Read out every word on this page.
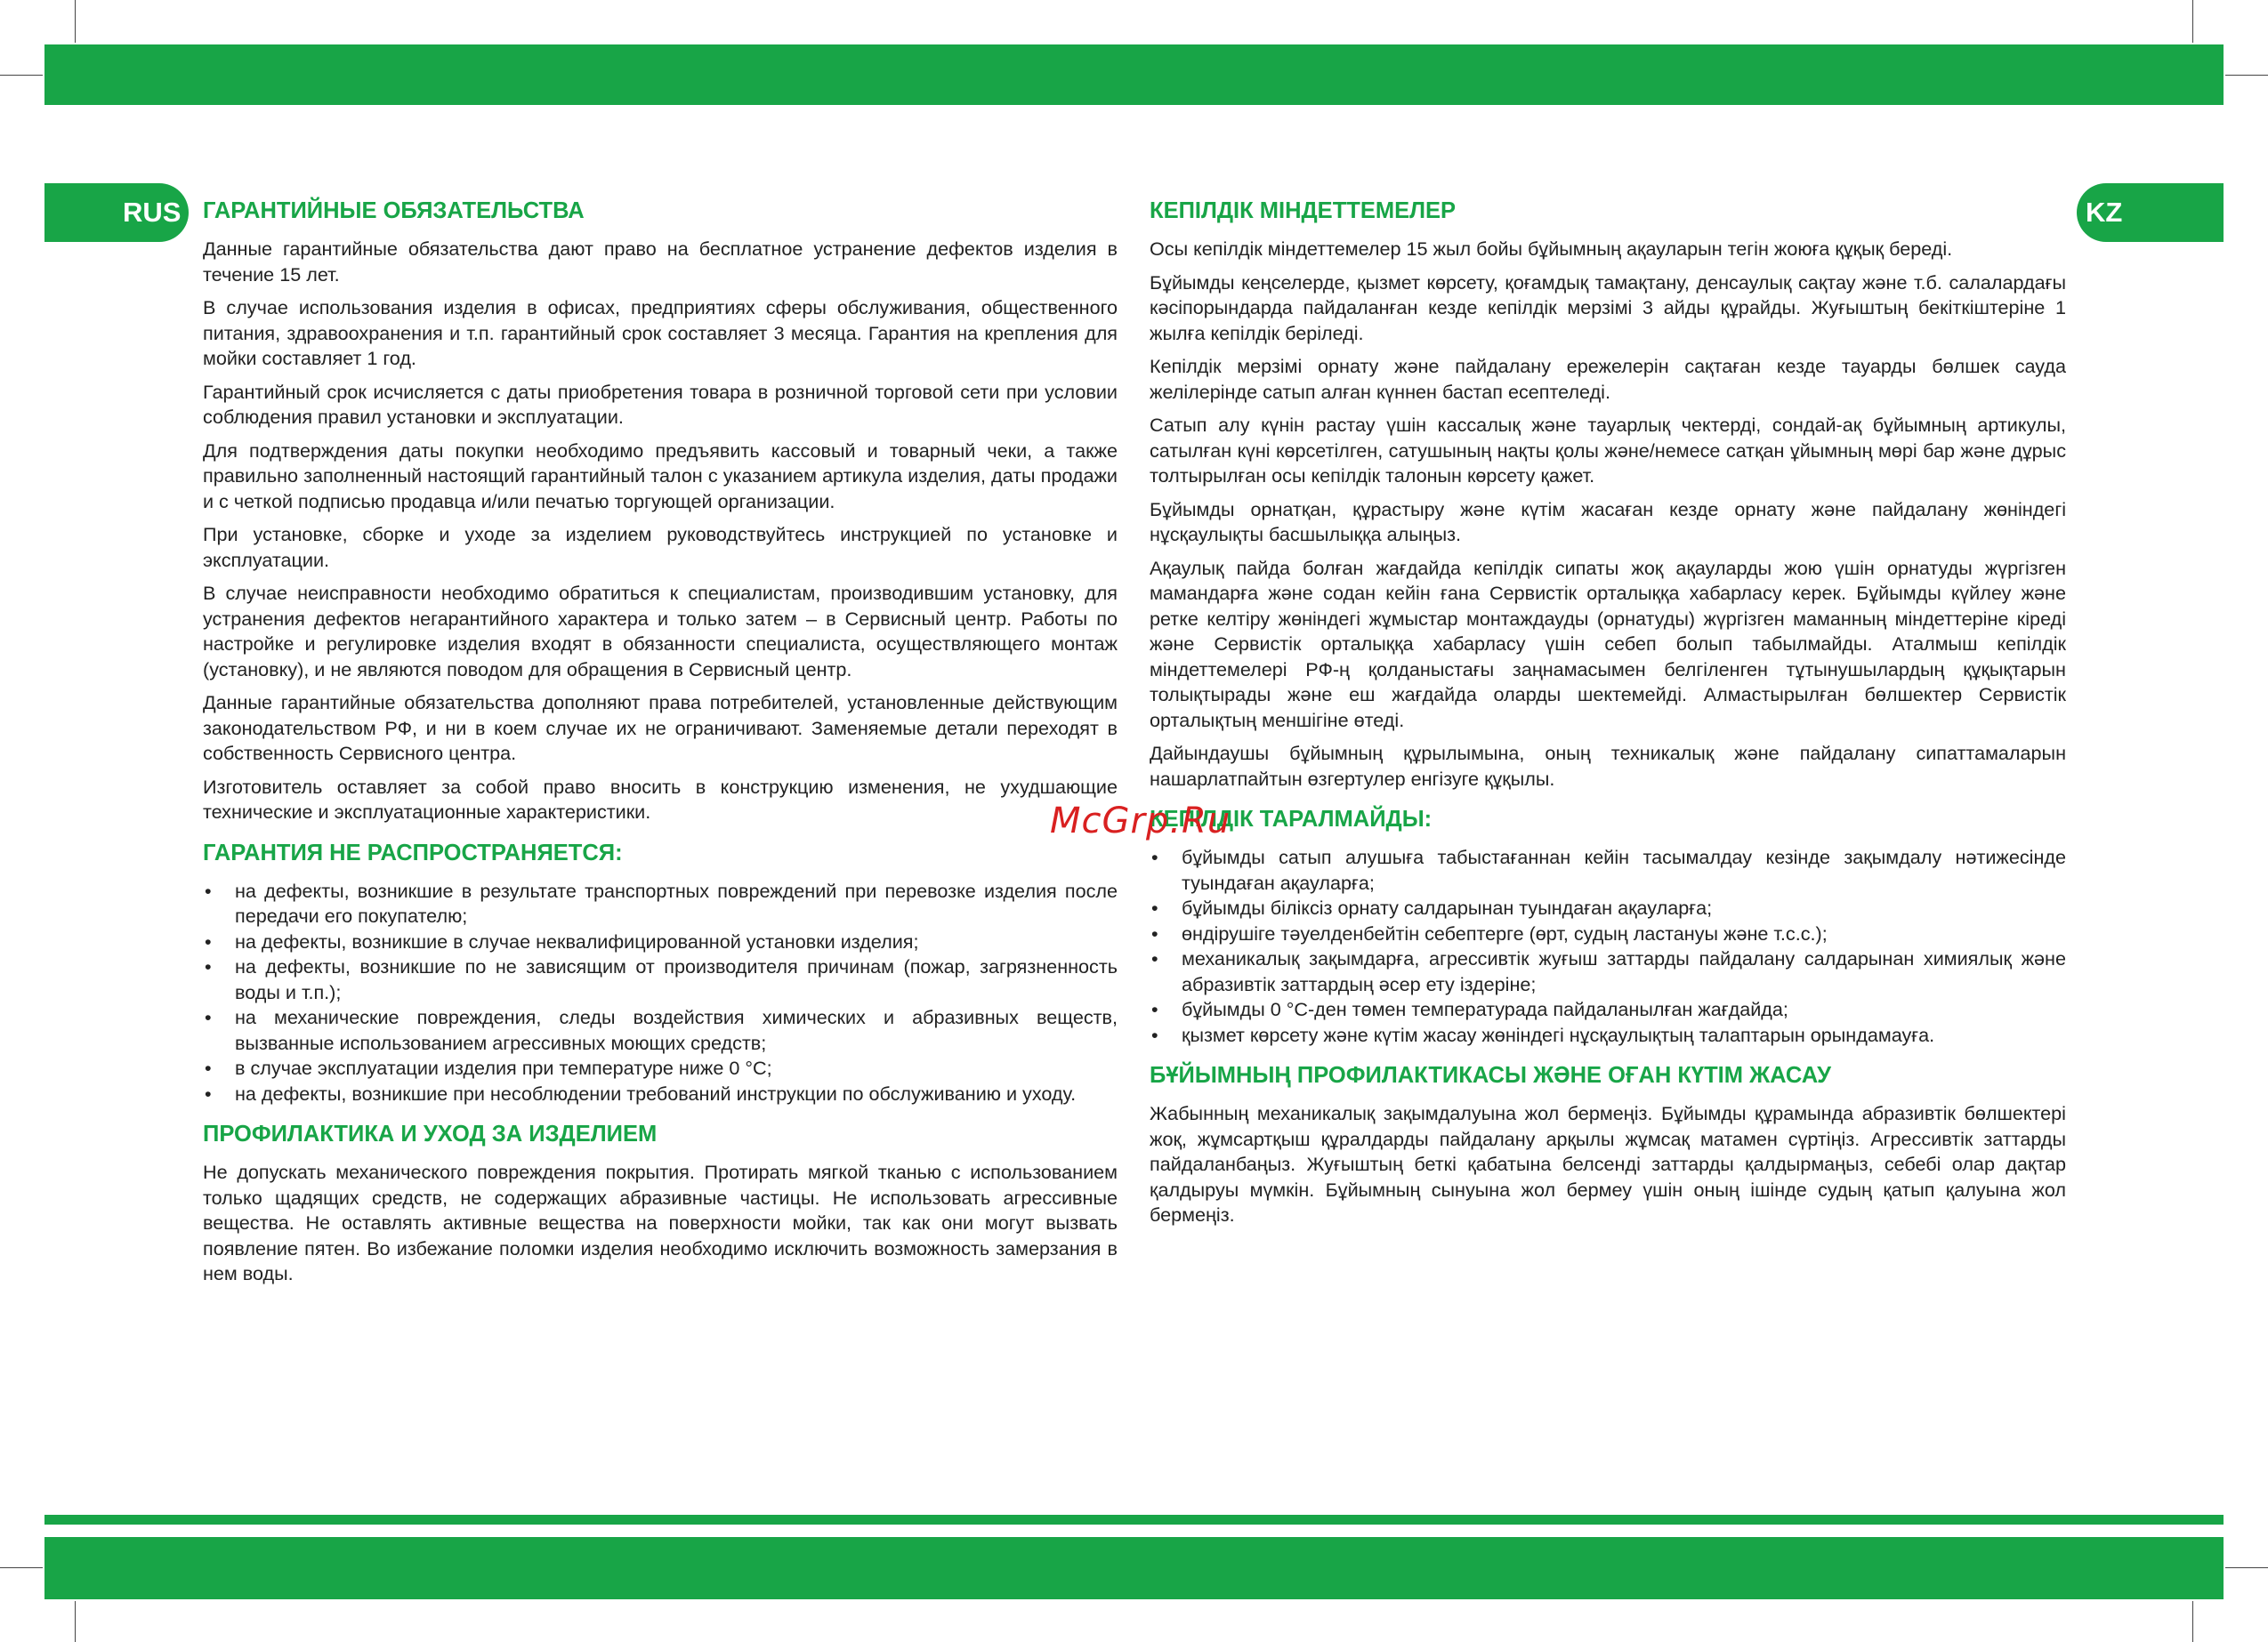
RUS	KZ
ГАРАНТИЙНЫЕ ОБЯЗАТЕЛЬСТВА

Данные гарантийные обязательства дают право на бесплатное устранение дефектов изделия в течение 15 лет.

В случае использования изделия в офисах, предприятиях сферы обслуживания, общественного питания, здравоохранения и т.п. гарантийный срок составляет 3 месяца. Гарантия на крепления для мойки составляет 1 год.

Гарантийный срок исчисляется с даты приобретения товара в розничной торговой сети при условии соблюдения правил установки и эксплуатации.

Для подтверждения даты покупки необходимо предъявить кассовый и товарный чеки, а также правильно заполненный настоящий гарантийный талон с указанием артикула изделия, даты продажи и с четкой подписью продавца и/или печатью торгующей организации.

При установке, сборке и уходе за изделием руководствуйтесь инструкцией по установке и эксплуатации.

В случае неисправности необходимо обратиться к специалистам, производившим установку, для устранения дефектов негарантийного характера и только затем – в Сервисный центр. Работы по настройке и регулировке изделия входят в обязанности специалиста, осуществляющего монтаж (установку), и не являются поводом для обращения в Сервисный центр.

Данные гарантийные обязательства дополняют права потребителей, установленные действующим законодательством РФ, и ни в коем случае их не ограничивают. Заменяемые детали переходят в собственность Сервисного центра.

Изготовитель оставляет за собой право вносить в конструкцию изменения, не ухудшающие технические и эксплуатационные характеристики.

ГАРАНТИЯ НЕ РАСПРОСТРАНЯЕТСЯ:
• на дефекты, возникшие в результате транспортных повреждений при перевозке изделия после передачи его покупателю;
• на дефекты, возникшие в случае неквалифицированной установки изделия;
• на дефекты, возникшие по не зависящим от производителя причинам (пожар, загрязненность воды и т.п.);
• на механические повреждения, следы воздействия химических и абразивных веществ, вызванные использованием агрессивных моющих средств;
• в случае эксплуатации изделия при температуре ниже 0 °С;
• на дефекты, возникшие при несоблюдении требований инструкции по обслуживанию и уходу.
ПРОФИЛАКТИКА И УХОД ЗА ИЗДЕЛИЕМ

Не допускать механического повреждения покрытия. Протирать мягкой тканью с использованием только щадящих средств, не содержащих абразивные частицы. Не использовать агрессивные вещества. Не оставлять активные вещества на поверхности мойки, так как они могут вызвать появление пятен. Во избежание поломки изделия необходимо исключить возможность замерзания в нем воды.

КЕПІЛДІК МІНДЕТТЕМЕЛЕР

Осы кепілдік міндеттемелер 15 жыл бойы бұйымның ақауларын тегін жоюға құқық береді.

Бұйымды кеңселерде, қызмет көрсету, қоғамдық тамақтану, денсаулық сақтау және т.б. салалардағы кәсіпорындарда пайдаланған кезде кепілдік мерзімі 3 айды құрайды. Жуғыштың бекіткіштеріне 1 жылға кепілдік беріледі.

Кепілдік мерзімі орнату және пайдалану ережелерін сақтаған кезде тауарды бөлшек сауда желілерінде сатып алған күннен бастап есептеледі.

Сатып алу күнін растау үшін кассалық және тауарлық чектерді, сондай-ақ бұйымның артикулы, сатылған күні көрсетілген, сатушының нақты қолы және/немесе сатқан ұйымның мөрі бар және дұрыс толтырылған осы кепілдік талонын көрсету қажет.

Бұйымды орнатқан, құрастыру және күтім жасаған кезде орнату және пайдалану жөніндегі нұсқаулықты басшылыққа алыңыз.

Ақаулық пайда болған жағдайда кепілдік сипаты жоқ ақауларды жою үшін орнатуды жүргізген мамандарға және содан кейін ғана Сервистік орталыққа хабарласу керек. Бұйымды күйлеу және ретке келтіру жөніндегі жұмыстар монтаждауды (орнатуды) жүргізген маманның міндеттеріне кіреді және Сервистік орталыққа хабарласу үшін себеп болып табылмайды. Аталмыш кепілдік міндеттемелері РФ-ң қолданыстағы заңнамасымен белгіленген тұтынушылардың құқықтарын толықтырады және еш жағдайда оларды шектемейді. Алмастырылған бөлшектер Сервистік орталықтың меншігіне өтеді.

Дайындаушы бұйымның құрылымына, оның техникалық және пайдалану сипаттамаларын нашарлатпайтын өзгертулер енгізуге құқылы.

КЕПІЛДІК ТАРАЛМАЙДЫ:
• бұйымды сатып алушыға табыстағаннан кейін тасымалдау кезінде зақымдалу нәтижесінде туындаған ақауларға;
• бұйымды біліксіз орнату салдарынан туындаған ақауларға;
• өндірушіге тәуелденбейтін себептерге (өрт, судың ластануы және т.с.с.);
• механикалық зақымдарға, агрессивтік жуғыш заттарды пайдалану салдарынан химиялық және абразивтік заттардың әсер ету іздеріне;
• бұйымды 0 °С-ден төмен температурада пайдаланылған жағдайда;
• қызмет көрсету және күтім жасау жөніндегі нұсқаулықтың талаптарын орындамауға.
БҰЙЫМНЫҢ ПРОФИЛАКТИКАСЫ ЖӘНЕ ОҒАН КҮТІМ ЖАСАУ

Жабынның механикалық зақымдалуына жол бермеңіз. Бұйымды құрамында абразивтік бөлшектері жоқ, жұмсартқыш құралдарды пайдалану арқылы жұмсақ матамен сүртіңіз. Агрессивтік заттарды пайдаланбаңыз. Жуғыштың беткі қабатына белсенді заттарды қалдырмаңыз, себебі олар дақтар қалдыруы мүмкін. Бұйымның сынуына жол бермеу үшін оның ішінде судың қатып қалуына жол бермеңіз.

McGrp.Ru
